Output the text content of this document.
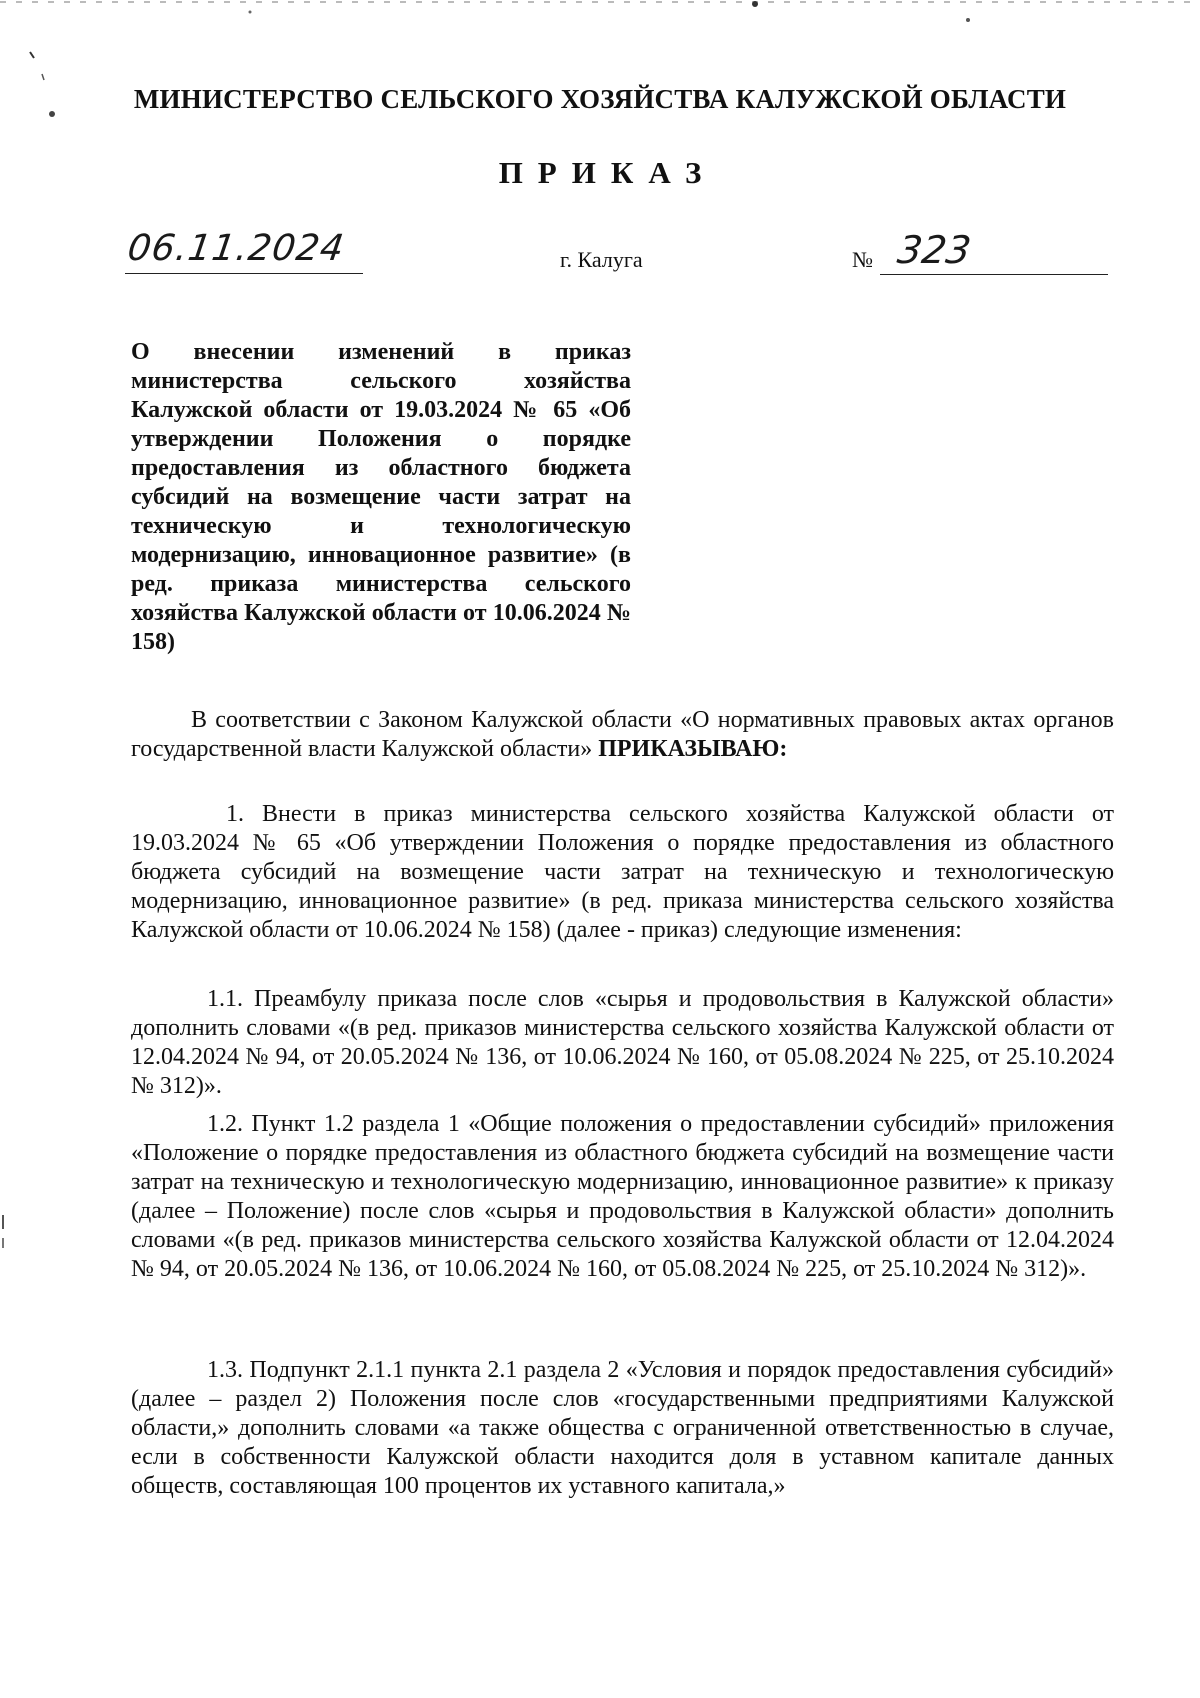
МИНИСТЕРСТВО СЕЛЬСКОГО ХОЗЯЙСТВА КАЛУЖСКОЙ ОБЛАСТИ
ПРИКАЗ
06.11.2024	г. Калуга	№ 323
О внесении изменений в приказ министерства сельского хозяйства Калужской области от 19.03.2024 № 65 «Об утверждении Положения о порядке предоставления из областного бюджета субсидий на возмещение части затрат на техническую и технологическую модернизацию, инновационное развитие» (в ред. приказа министерства сельского хозяйства Калужской области от 10.06.2024 № 158)
В соответствии с Законом Калужской области «О нормативных правовых актах органов государственной власти Калужской области» ПРИКАЗЫВАЮ:
1. Внести в приказ министерства сельского хозяйства Калужской области от 19.03.2024 № 65 «Об утверждении Положения о порядке предоставления из областного бюджета субсидий на возмещение части затрат на техническую и технологическую модернизацию, инновационное развитие» (в ред. приказа министерства сельского хозяйства Калужской области от 10.06.2024 № 158) (далее - приказ) следующие изменения:
1.1. Преамбулу приказа после слов «сырья и продовольствия в Калужской области» дополнить словами «(в ред. приказов министерства сельского хозяйства Калужской области от 12.04.2024 № 94, от 20.05.2024 № 136, от 10.06.2024 № 160, от 05.08.2024 № 225, от 25.10.2024 № 312)».
1.2. Пункт 1.2 раздела 1 «Общие положения о предоставлении субсидий» приложения «Положение о порядке предоставления из областного бюджета субсидий на возмещение части затрат на техническую и технологическую модернизацию, инновационное развитие» к приказу (далее – Положение) после слов «сырья и продовольствия в Калужской области» дополнить словами «(в ред. приказов министерства сельского хозяйства Калужской области от 12.04.2024 № 94, от 20.05.2024 № 136, от 10.06.2024 № 160, от 05.08.2024 № 225, от 25.10.2024 № 312)».
1.3. Подпункт 2.1.1 пункта 2.1 раздела 2 «Условия и порядок предоставления субсидий» (далее – раздел 2) Положения после слов «государственными предприятиями Калужской области,» дополнить словами «а также общества с ограниченной ответственностью в случае, если в собственности Калужской области находится доля в уставном капитале данных обществ, составляющая 100 процентов их уставного капитала,»
